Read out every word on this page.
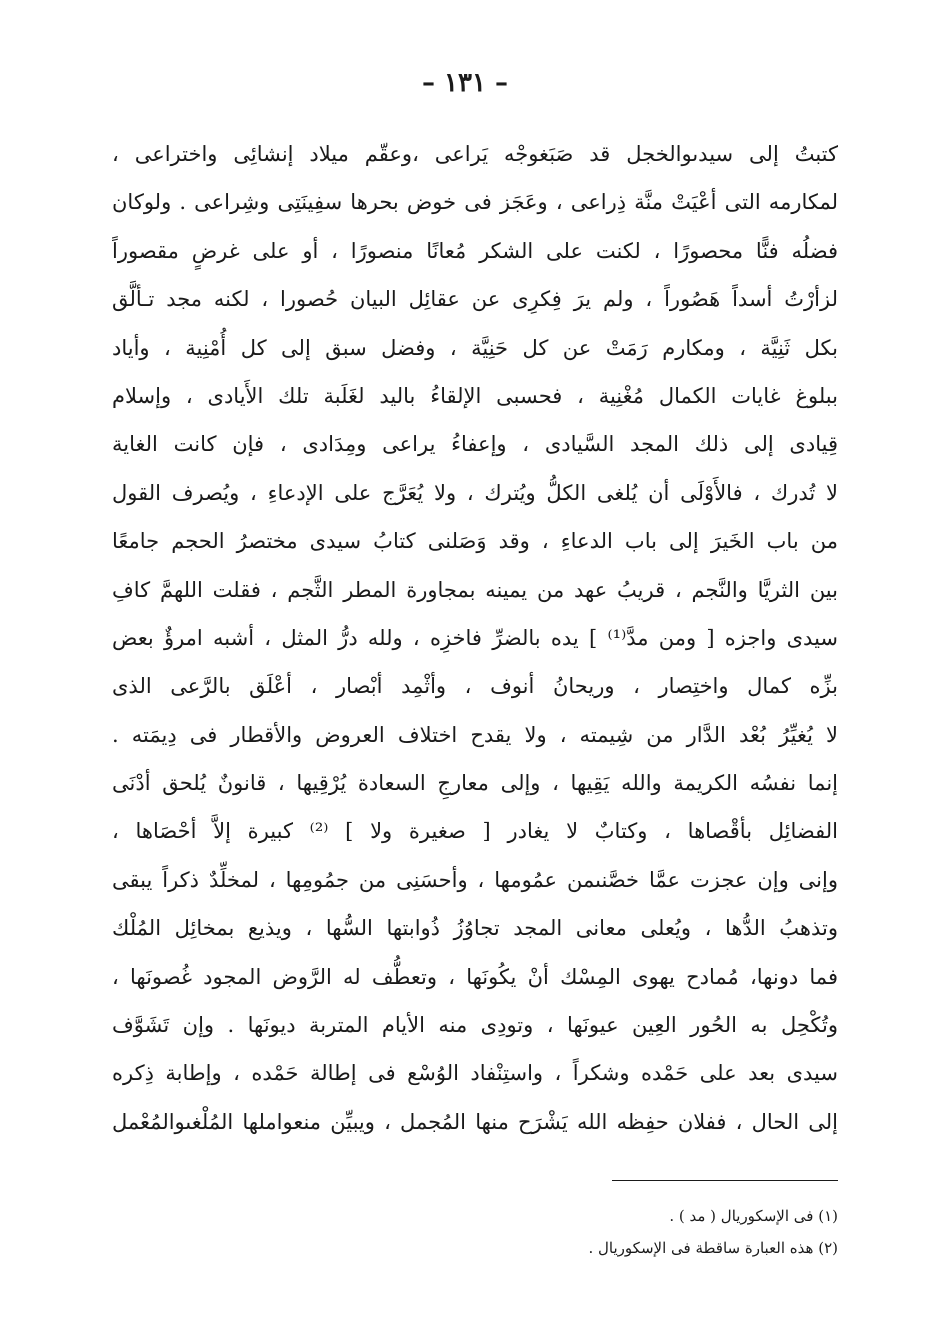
– ١٣١ –
كتبتُ إلى سيدىوالخجل قد صَبَغوجْه يَراعى ،وعقّم ميلاد إنشائِى واختراعى ،
لمكارمه التى أعْيَتْ منَّة ذِراعى ، وعَجَز فى خوض بحرها سفِينَتِى وشِراعى . ولوكان
فضلُه فنًّا محصورًا ، لكنت على الشكر مُعانًا منصورًا ، أو على غرضٍ مقصوراً
لزأرْتُ أسداً هَصُوراً ، ولم يرَ فِكرِى عن عقائِل البيان حُصورا ، لكنه مجد تـألَّق
بكل ثَنِيَّة ، ومكارم رَمَتْ عن كل حَنِيَّة ، وفضل سبق إلى كل أُمْنِية ، وأياد
ببلوغ غايات الكمال مُغْنِية ، فحسبى الإلقاءُ باليد لغَلَبة تلك الأَيادى ، وإسلام
قِيادى إلى ذلك المجد السَّيادى ، وإعفاءُ يراعى ومِدَادى ، فإن كانت الغاية
لا تُدرك ، فالأَوْلَى أن يُلغى الكلُّ ويُترك ، ولا يُعَرَّج على الإدعاءِ ، ويُصرف القول
من باب الخَيرَ إلى باب الدعاءِ ، وقد وَصَلنى كتابُ سيدى مختصرُ الحجم جامعًا
بين الثريَّا والنَّجم ، قريبُ عهد من يمينه بمجاورة المطر الثَّجم ، فقلت اللهمَّ كافِ
سيدى واجزه [ ومن مدَّ⁽¹⁾ ] يده بالضرِّ فاخزِه ، ولله درُّ المثل ، أشبه امرؤٌ بعض
بزِّه كمال واختِصار ، وريحانُ أنوف ، وأثْمِد أبْصار ، أعْلَق بالرَّعى الذى
لا يُغيِّرُ بُعْد الدَّار من شِيمته ، ولا يقدح اختلاف العروض والأقطار فى دِيمَته .
إنما نفسُه الكريمة والله يَقِيها ، وإلى معارجِ السعادة يُرْقِيها ، قانونٌ يُلحق أدْنَى
الفضائِل بأقْصاها ، وكتابٌ لا يغادر [ صغيرة ولا ] ⁽²⁾ كبيرة إلاَّ أحْصَاها ،
وإنى وإن عجزت عمَّا خصَّنىمن عمُومها ، وأحسَنِى من جمُومِها ، لمخلِّدٌ ذكراً يبقى
وتذهبُ الدُّها ، ويُعلى معانى المجد تجاوُزُ ذُوابتها السُّها ، ويذيع بمخائِل المُلْك
فما دونها، مُمادح يهوى المِسْك أنْ يكُونَها ، وتعطُّف له الرَّوض المجود غُصونَها ،
وتُكْحِل به الحُور العِين عيونَها ، وتودِى منه الأيام المتربة ديونَها . وإن تَشَوَّف
سيدى بعد على حَمْده وشكراً ، واستِنْفاد الوُسْع فى إطالة حَمْده ، وإطابة ذِكره
إلى الحال ، ففلان حفِظه الله يَشْرَح منها المُجمل ، ويبيِّن منعواملها المُلْغىوالمُعْمل
(١) فى الإسكوريال ( مد ) .
(٢) هذه العبارة ساقطة فى الإسكوريال .
